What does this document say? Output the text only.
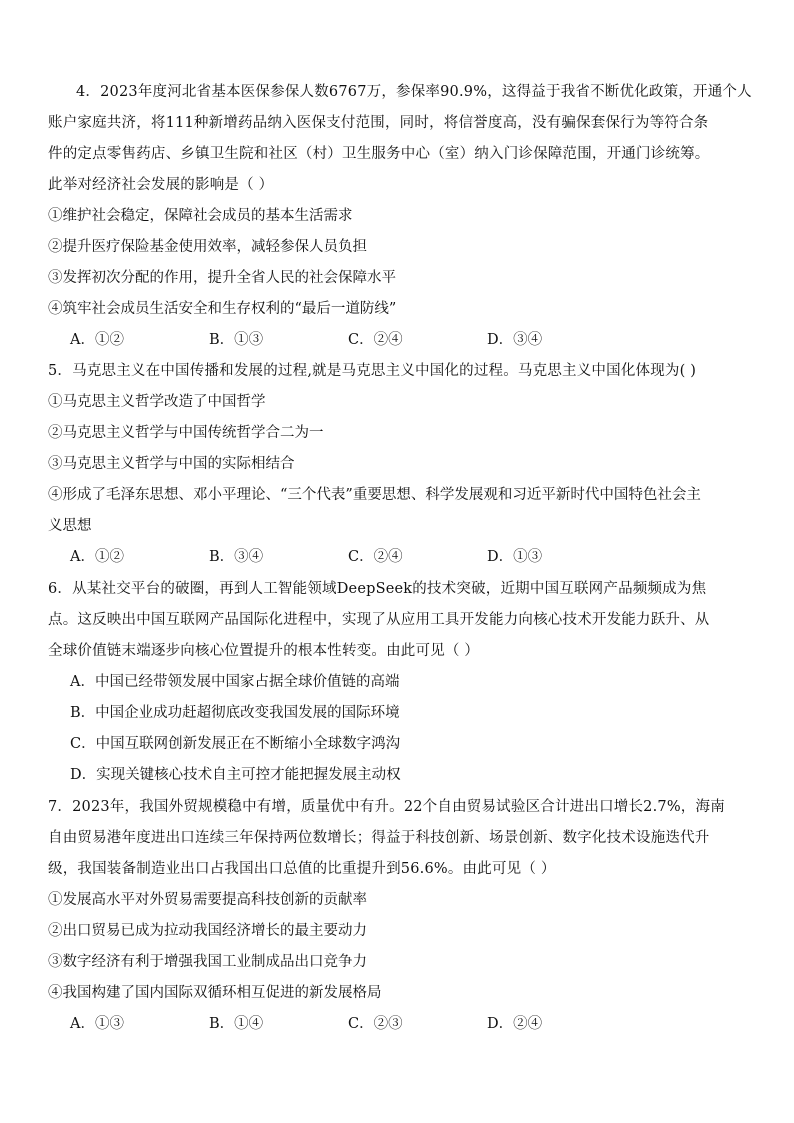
4．2023年度河北省基本医保参保人数6767万，参保率90.9%，这得益于我省不断优化政策，开通个人
账户家庭共济，将111种新增药品纳入医保支付范围，同时，将信誉度高，没有骗保套保行为等符合条
件的定点零售药店、乡镇卫生院和社区（村）卫生服务中心（室）纳入门诊保障范围，开通门诊统筹。
此举对经济社会发展的影响是（ ）
①维护社会稳定，保障社会成员的基本生活需求
②提升医疗保险基金使用效率，减轻参保人员负担
③发挥初次分配的作用，提升全省人民的社会保障水平
④筑牢社会成员生活安全和生存权利的“最后一道防线”
A．①②	B．①③	C．②④	D．③④
5．马克思主义在中国传播和发展的过程,就是马克思主义中国化的过程。马克思主义中国化体现为( )
①马克思主义哲学改造了中国哲学
②马克思主义哲学与中国传统哲学合二为一
③马克思主义哲学与中国的实际相结合
④形成了毛泽东思想、邓小平理论、“三个代表”重要思想、科学发展观和习近平新时代中国特色社会主
义思想
A．①②	B．③④	C．②④	D．①③
6．从某社交平台的破圈，再到人工智能领域DeepSeek的技术突破，近期中国互联网产品频频成为焦
点。这反映出中国互联网产品国际化进程中，实现了从应用工具开发能力向核心技术开发能力跃升、从
全球价值链末端逐步向核心位置提升的根本性转变。由此可见（ ）
A．中国已经带领发展中国家占据全球价值链的高端
B．中国企业成功赶超彻底改变我国发展的国际环境
C．中国互联网创新发展正在不断缩小全球数字鸿沟
D．实现关键核心技术自主可控才能把握发展主动权
7．2023年，我国外贸规模稳中有增，质量优中有升。22个自由贸易试验区合计进出口增长2.7%，海南
自由贸易港年度进出口连续三年保持两位数增长；得益于科技创新、场景创新、数字化技术设施迭代升
级，我国装备制造业出口占我国出口总值的比重提升到56.6%。由此可见（ ）
①发展高水平对外贸易需要提高科技创新的贡献率
②出口贸易已成为拉动我国经济增长的最主要动力
③数字经济有利于增强我国工业制成品出口竞争力
④我国构建了国内国际双循环相互促进的新发展格局
A．①③	B．①④	C．②③	D．②④
